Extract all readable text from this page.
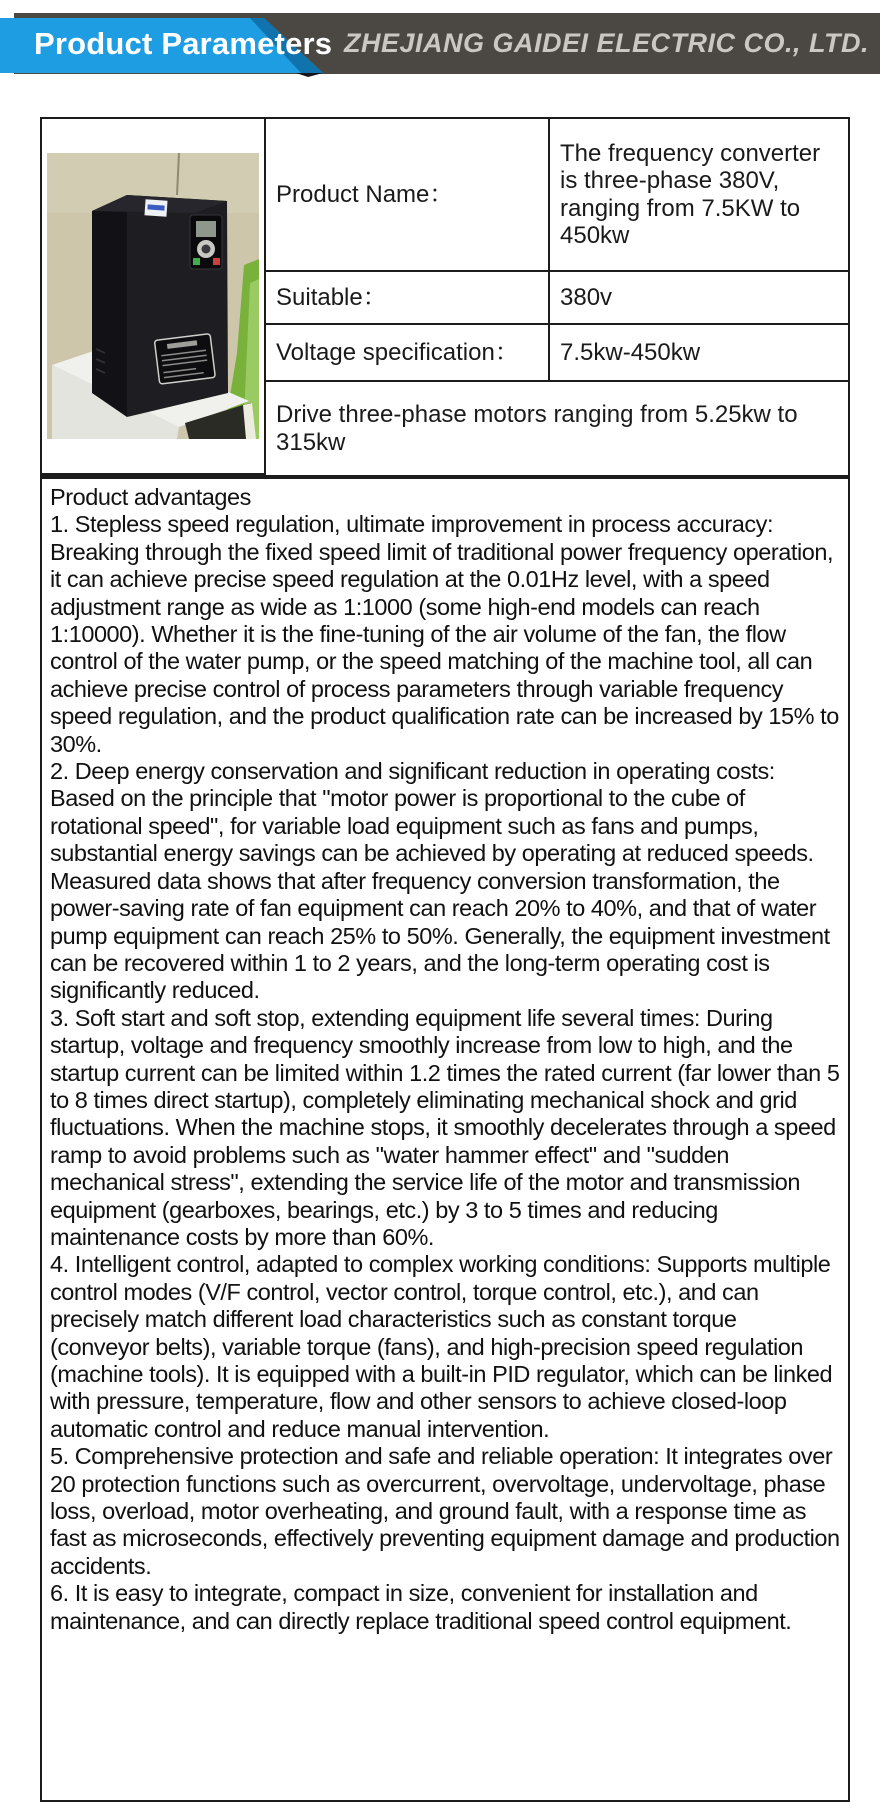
ZHEJIANG GAIDEI ELECTRIC CO., LTD.
Product Parameters
Product Name：
The frequency converter is three-phase 380V, ranging from 7.5KW to 450kw
Suitable：	380v
Voltage specification：	7.5kw-450kw
Drive three-phase motors ranging from 5.25kw to 315kw

Product advantages

1. Stepless speed regulation, ultimate improvement in process accuracy: Breaking through the fixed speed limit of traditional power frequency operation, it can achieve precise speed regulation at the 0.01Hz level, with a speed adjustment range as wide as 1:1000 (some high-end models can reach 1:10000). Whether it is the fine-tuning of the air volume of the fan, the flow control of the water pump, or the speed matching of the machine tool, all can achieve precise control of process parameters through variable frequency speed regulation, and the product qualification rate can be increased by 15% to 30%.

2. Deep energy conservation and significant reduction in operating costs: Based on the principle that "motor power is proportional to the cube of rotational speed", for variable load equipment such as fans and pumps, substantial energy savings can be achieved by operating at reduced speeds. Measured data shows that after frequency conversion transformation, the power-saving rate of fan equipment can reach 20% to 40%, and that of water pump equipment can reach 25% to 50%. Generally, the equipment investment can be recovered within 1 to 2 years, and the long-term operating cost is significantly reduced.

3. Soft start and soft stop, extending equipment life several times: During startup, voltage and frequency smoothly increase from low to high, and the startup current can be limited within 1.2 times the rated current (far lower than 5 to 8 times direct startup), completely eliminating mechanical shock and grid fluctuations. When the machine stops, it smoothly decelerates through a speed ramp to avoid problems such as "water hammer effect" and "sudden mechanical stress", extending the service life of the motor and transmission equipment (gearboxes, bearings, etc.) by 3 to 5 times and reducing maintenance costs by more than 60%.

4. Intelligent control, adapted to complex working conditions: Supports multiple control modes (V/F control, vector control, torque control, etc.), and can precisely match different load characteristics such as constant torque (conveyor belts), variable torque (fans), and high-precision speed regulation (machine tools). It is equipped with a built-in PID regulator, which can be linked with pressure, temperature, flow and other sensors to achieve closed-loop automatic control and reduce manual intervention.

5. Comprehensive protection and safe and reliable operation: It integrates over 20 protection functions such as overcurrent, overvoltage, undervoltage, phase loss, overload, motor overheating, and ground fault, with a response time as fast as microseconds, effectively preventing equipment damage and production accidents.

6. It is easy to integrate, compact in size, convenient for installation and maintenance, and can directly replace traditional speed control equipment.
